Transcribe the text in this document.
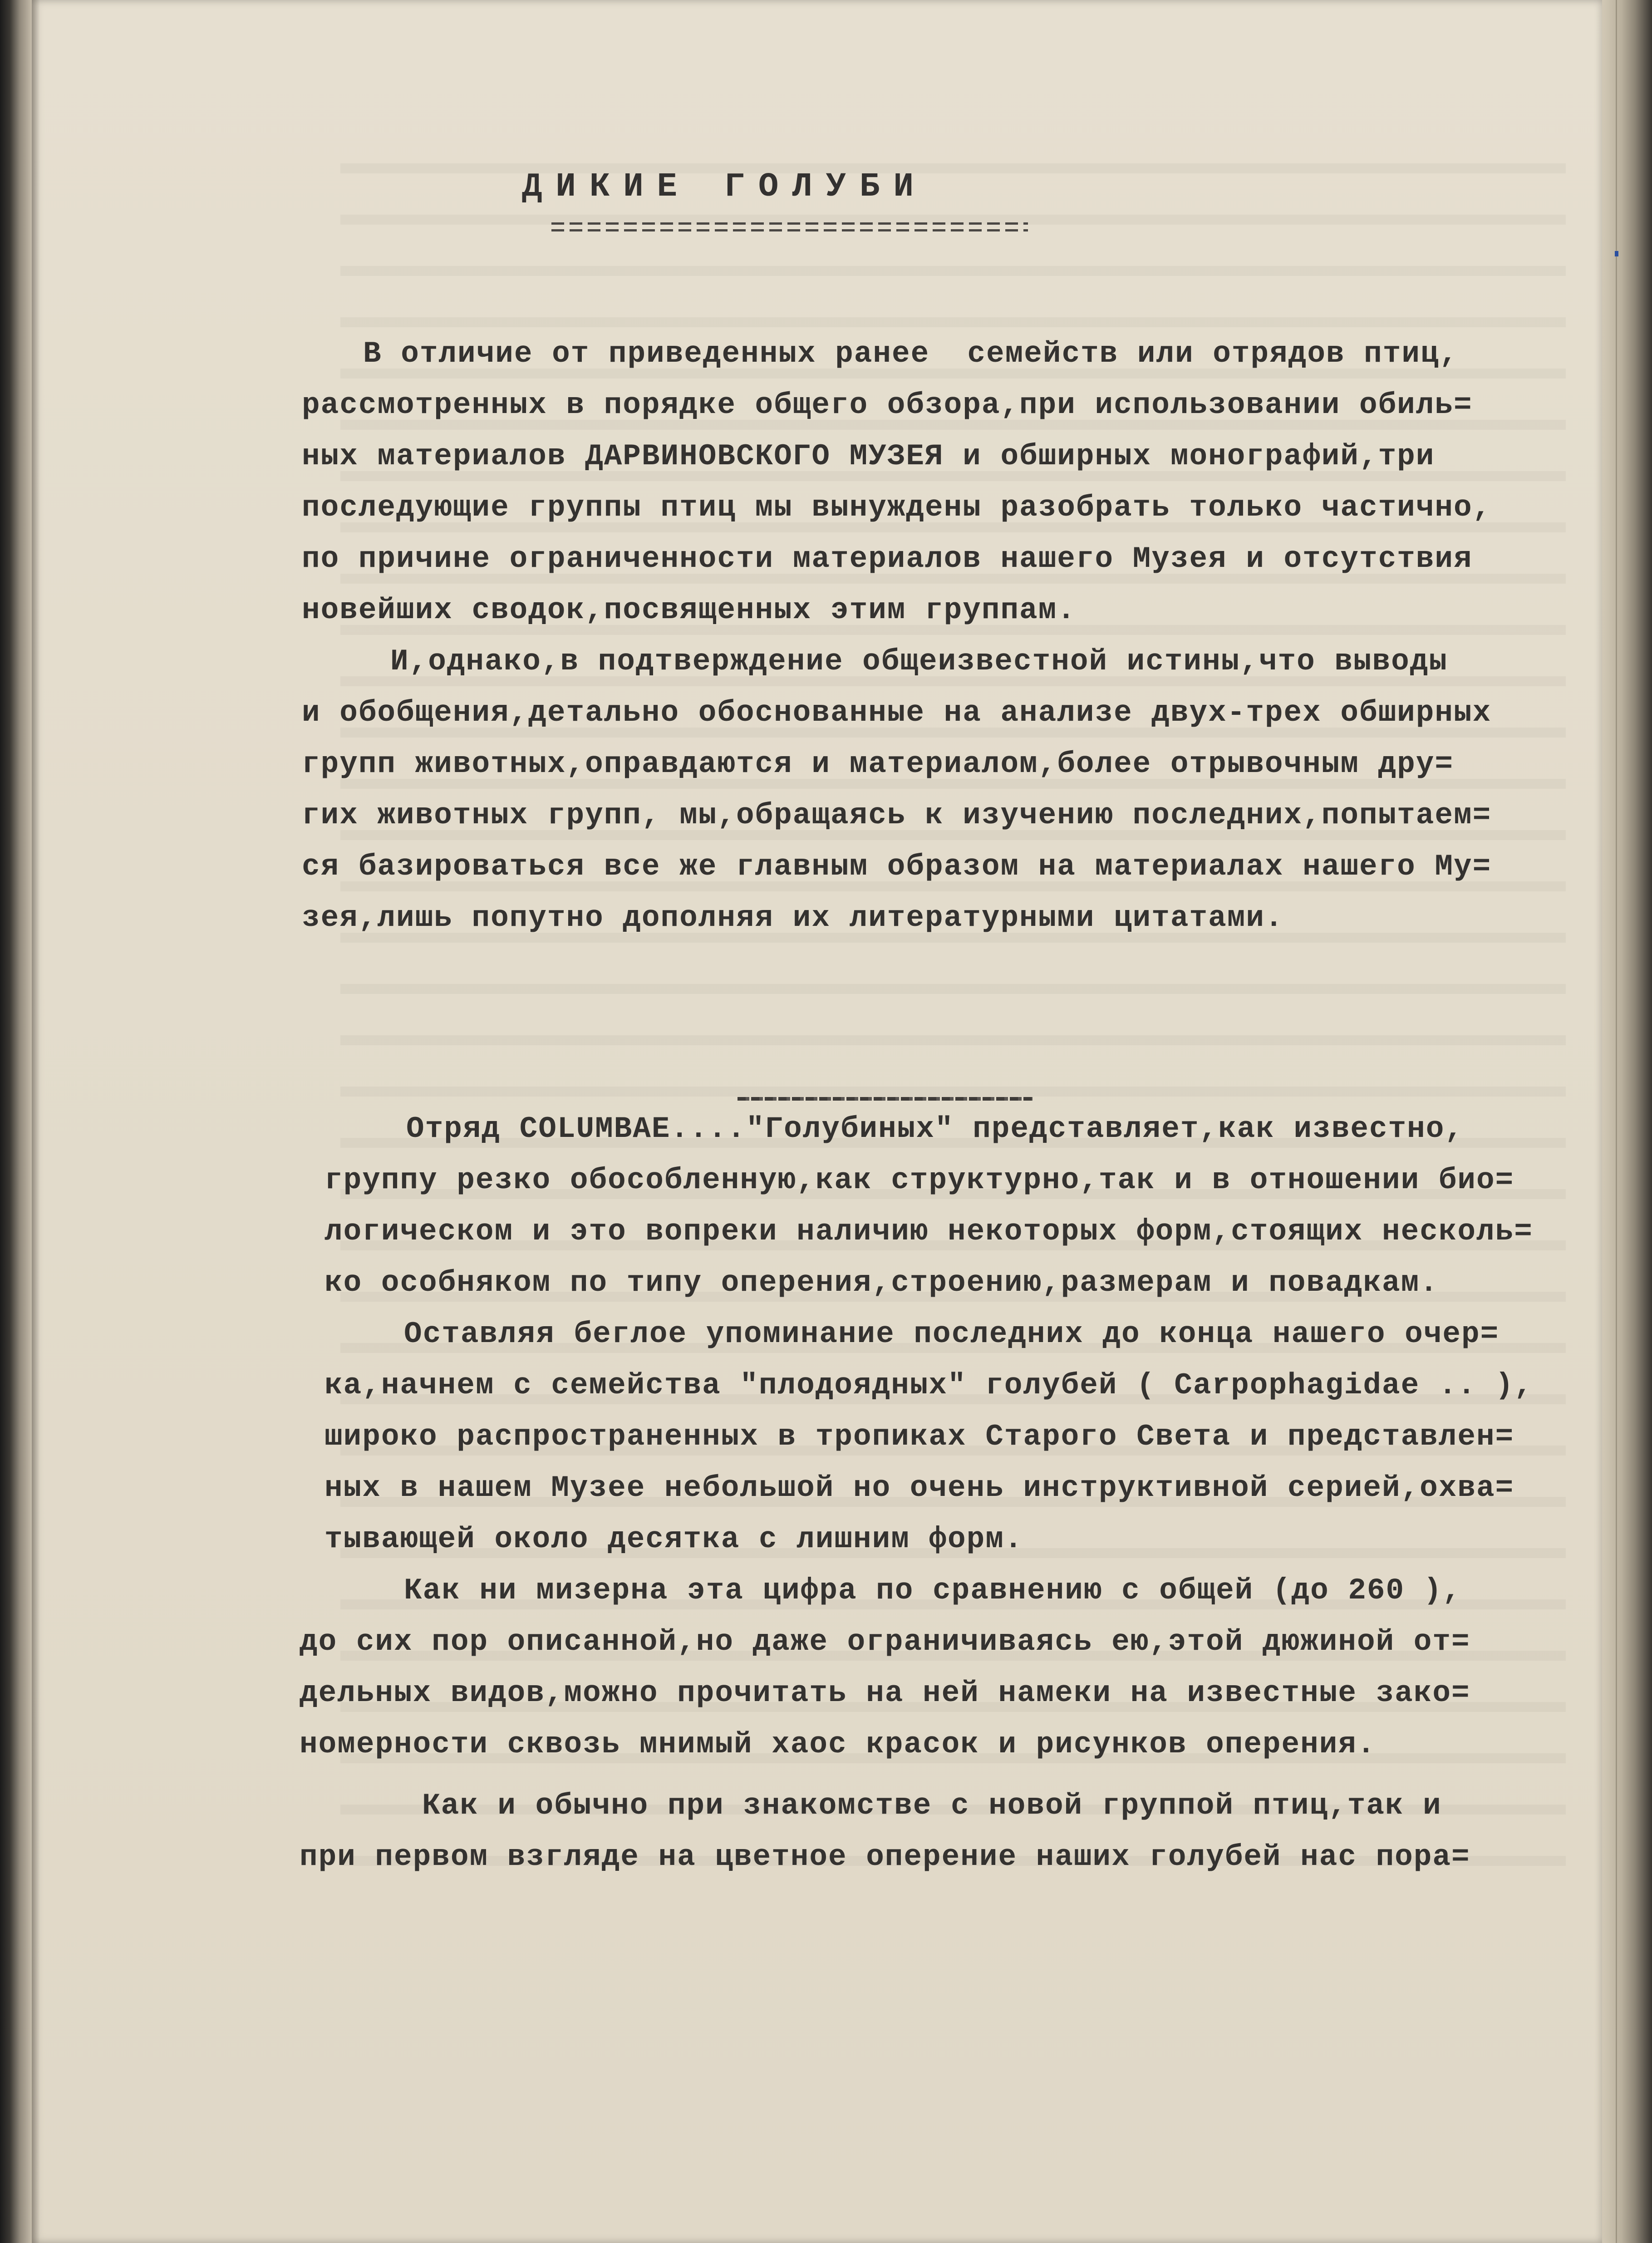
ДИКИЕ ГОЛУБИ

В отличие от приведенных ранее  семейств или отрядов птиц,

рассмотренных в порядке общего обзора,при использовании обиль=

ных материалов ДАРВИНОВСКОГО МУЗЕЯ и обширных монографий,три

последующие группы птиц мы вынуждены разобрать только частично,

по причине ограниченности материалов нашего Музея и отсутствия

новейших сводок,посвященных этим группам.

И,однако,в подтверждение общеизвестной истины,что выводы

и обобщения,детально обоснованные на анализе двух-трех обширных

групп животных,оправдаются и материалом,более отрывочным дру=

гих животных групп, мы,обращаясь к изучению последних,попытаем=

ся базироваться все же главным образом на материалах нашего Му=

зея,лишь попутно дополняя их литературными цитатами.

Отряд COLUMBAE...."Голубиных" представляет,как известно,

группу резко обособленную,как структурно,так и в отношении био=

логическом и это вопреки наличию некоторых форм,стоящих несколь=

ко особняком по типу оперения,строению,размерам и повадкам.

Оставляя беглое упоминание последних до конца нашего очер=

ка,начнем с семейства "плодоядных" голубей ( Carpophagidae .. ),

широко распространенных в тропиках Старого Света и представлен=

ных в нашем Музее небольшой но очень инструктивной серией,охва=

тывающей около десятка с лишним форм.

Как ни мизерна эта цифра по сравнению с общей (до 260 ),

до сих пор описанной,но даже ограничиваясь ею,этой дюжиной от=

дельных видов,можно прочитать на ней намеки на известные зако=

номерности сквозь мнимый хаос красок и рисунков оперения.

Как и обычно при знакомстве с новой группой птиц,так и

при первом взгляде на цветное оперение наших голубей нас пора=
